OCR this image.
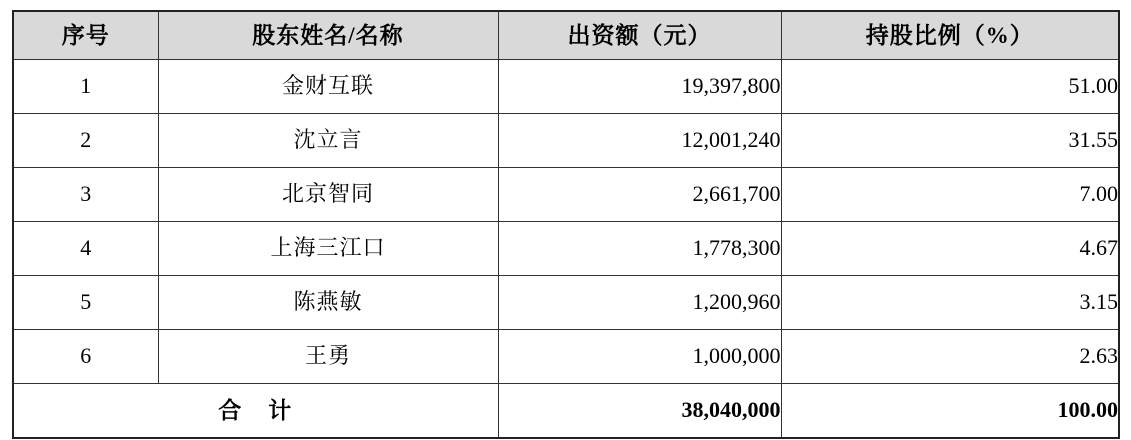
序号	股东姓名/名称	出资额（元）	持股比例（%）
1	金财互联	19,397,800	51.00
2	沈立言	12,001,240	31.55
3	北京智同	2,661,700	7.00
4	上海三江口	1,778,300	4.67
5	陈燕敏	1,200,960	3.15
6	王勇	1,000,000	2.63
合　计		38,040,000	100.00
